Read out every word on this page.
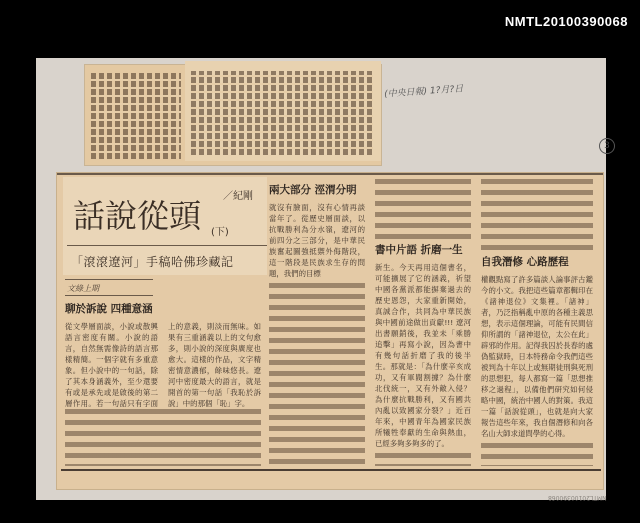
NMTL20100390068
3
(中央日報) 1?月?日
話說從頭 (下)
／紀剛
「滾滾遼河」手稿哈佛珍藏記
文綠上期
聊於訴說 四種意涵
從文學層面談，小說或散興語言密度有關。小說的語言，自然無需像詩的語言那樣精簡。一個字就有多重意象。但小說中的一句話，除了其本身涵義外，至少還要有或是承先或是啟後的第二層作用。若一句話只有字面上的意義，則淡而無味。如果有三重涵義以上的文句愈多，則小說的深度與廣度也愈大。這樣的作品，文字精密情意濃郁，餘味悠長。遼河中密度最大的語言，就是開首的第一句話「我恥於訴說」中的那個「恥」字。
兩大部分 涇渭分明
就沒有臉面，沒有心情再談當年了。從歷史層面談，以抗戰勝利為分水嶺，遼河的前四分之三部分，是中華民族奮起圖強抵禦外侮階段，這一階段是民族求生存的問題，我們的目標
書中片語 折磨一生
新生。今天再用這個書名，可能擴展了它的涵義，祈望中國各黨派都能摒棄過去的歷史恩怨，大家重新開始，真誠合作，共同為中華民族與中國前途做出貢獻!!! 遼河出書願銷後，我並未「乘勝追擊」再寫小說，因為書中有幾句話折磨了我的後半生。那就是：「為什麼辛亥成功，又有軍閥割據？為什麼北伐統一，又有外敵入侵？為什麼抗戰勝利，又有國共內亂以致國家分裂？」近百年來，中國青年為國家民族所犧牲奉獻的生命與熱血，已經多夠多夠多的了。
自我潛修 心路歷程
權觀點寫了許多篇談人論事評古鑑今的小文。我把這些篇章都輯印在《諸神退位》文集裡。「諸神」者，乃泛指稱亂中原的各種主義思想，表示這個理論，可能有民間信仰所謂的「諸神退位，太公在此」辟邪的作用。記得我囚於長春的處偽監獄時，日本特務命令我們這些被判為十年以上或無期徒刑與死刑的思想犯，每人都寫一篇「思想推移之過程」，以備他們研究如何侵略中國，統治中國人的對策。我這一篇「話說從頭」，也就是向大家報告這些年來，我自個潛修和向各名山大師求道問學的心得。
NMTL20100390068
